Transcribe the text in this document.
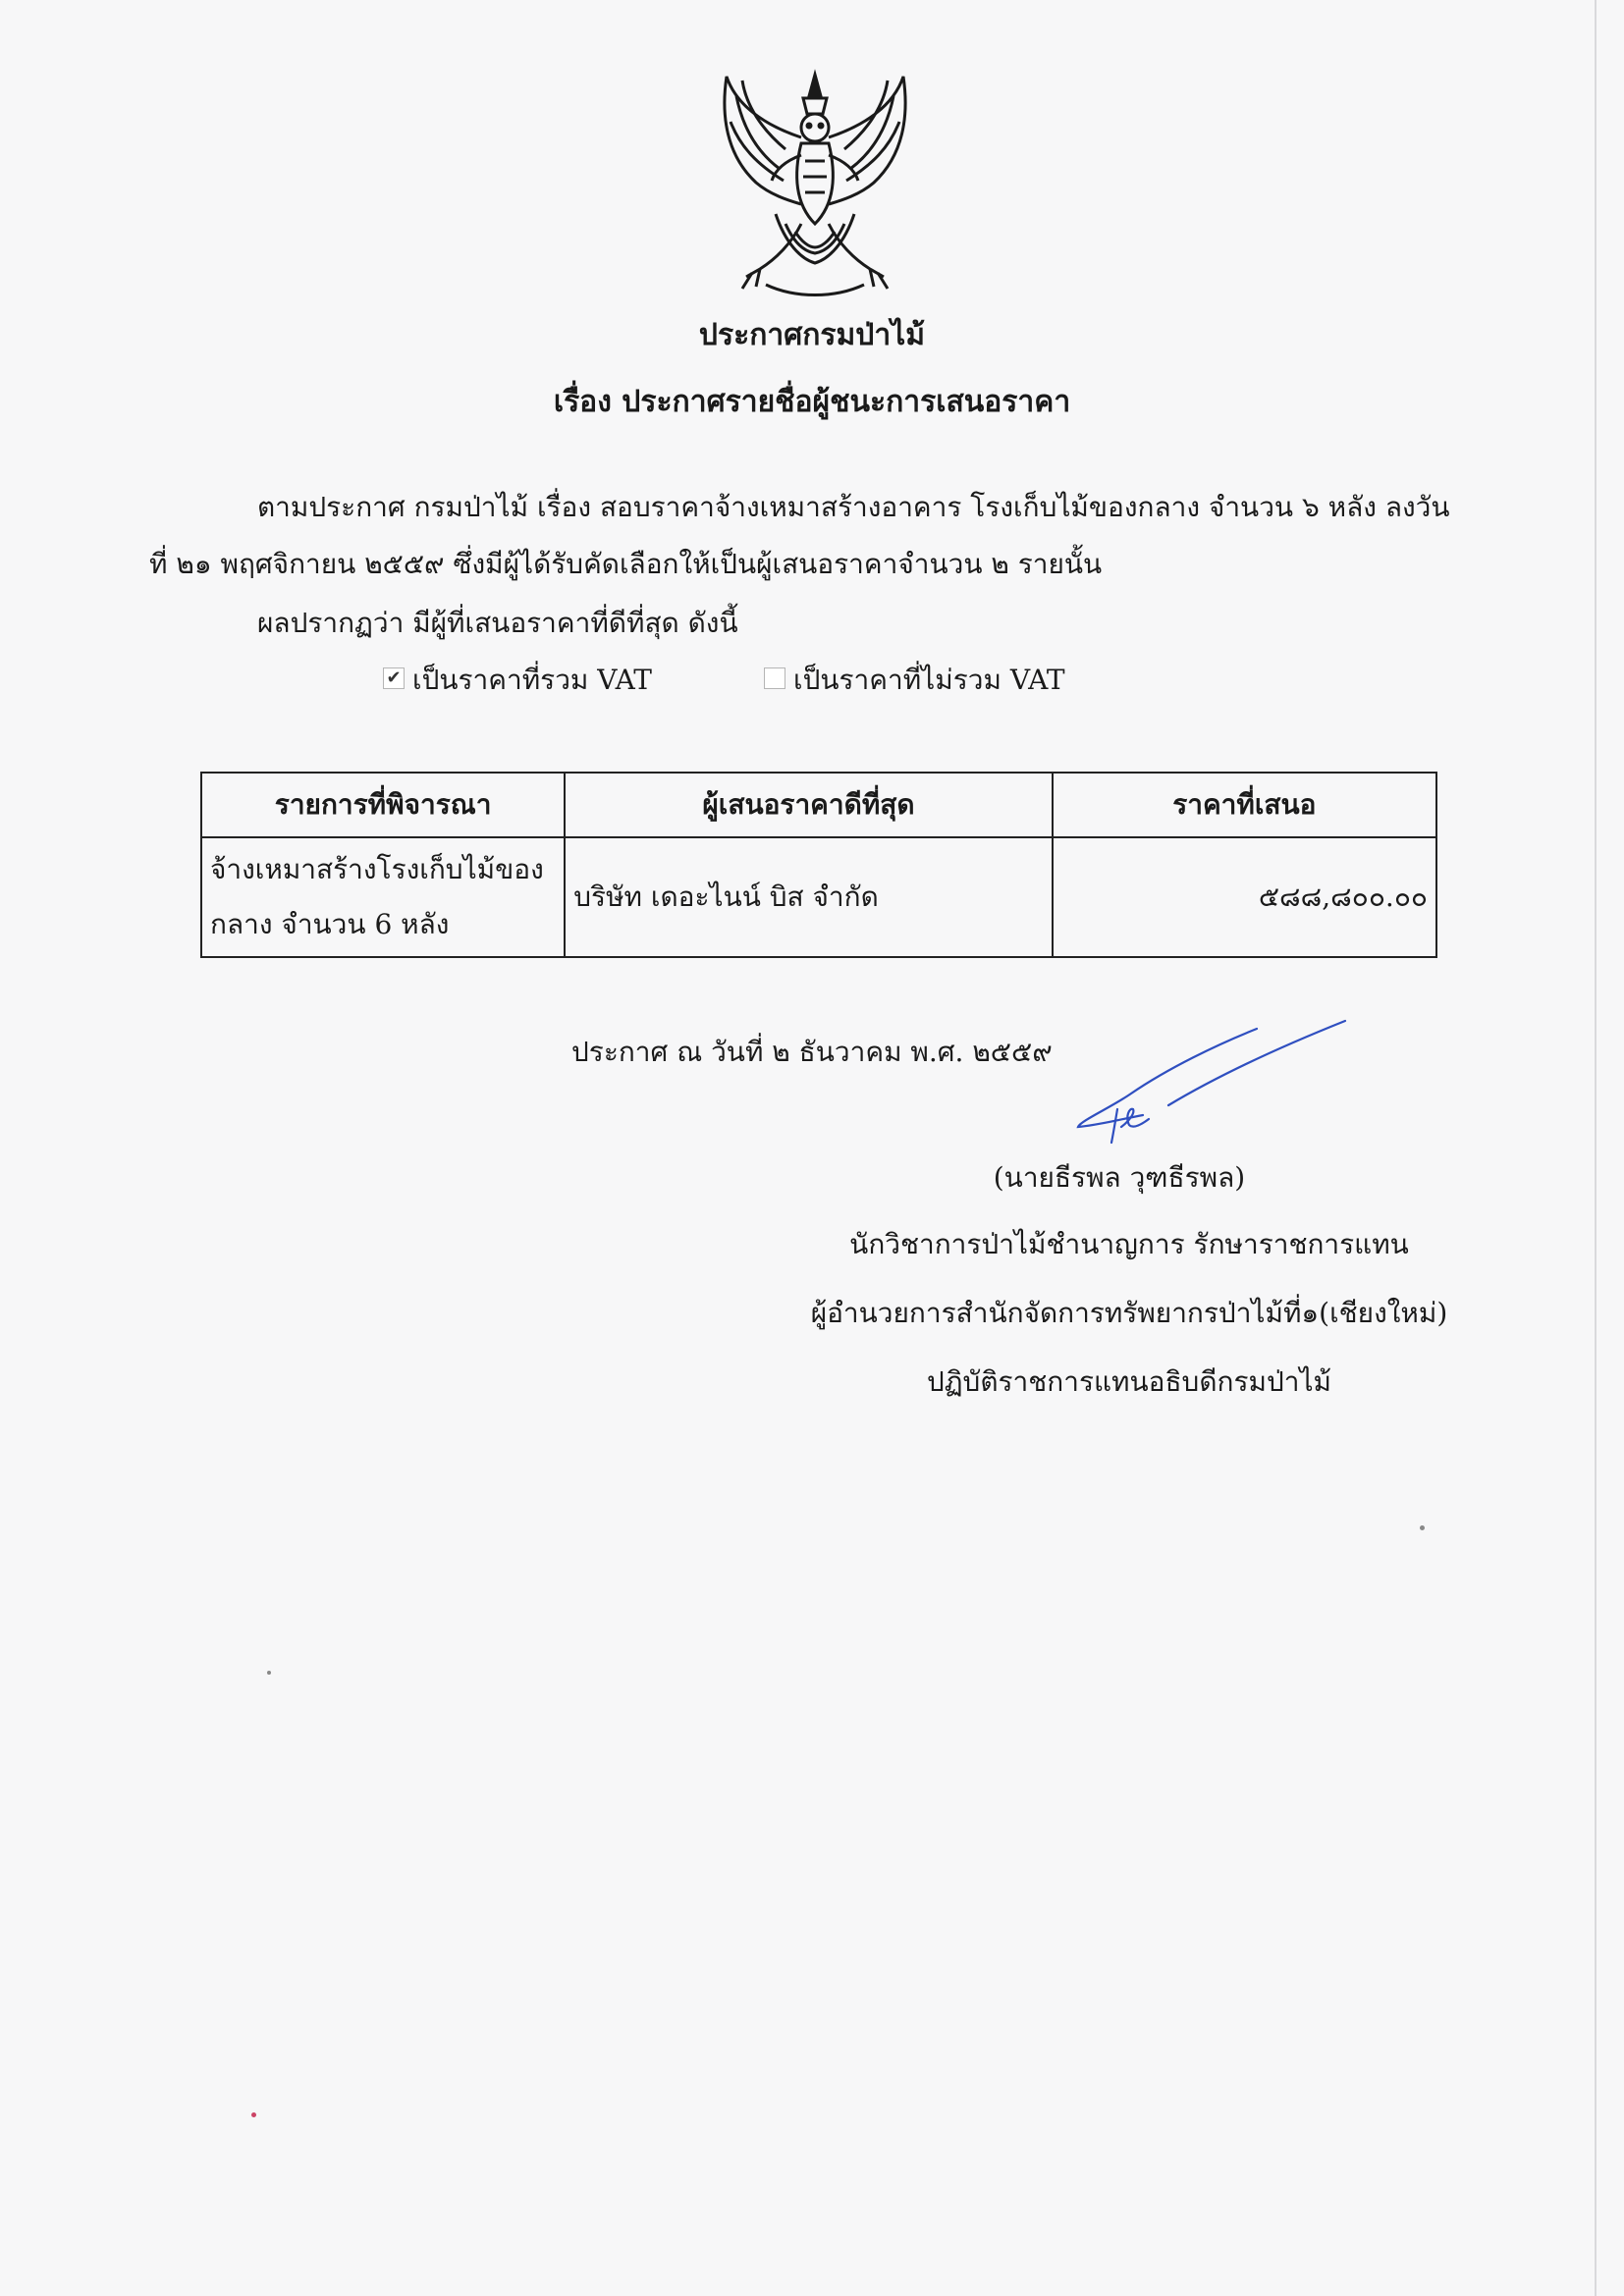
ประกาศกรมป่าไม้
เรื่อง ประกาศรายชื่อผู้ชนะการเสนอราคา
ตามประกาศ กรมป่าไม้ เรื่อง สอบราคาจ้างเหมาสร้างอาคาร โรงเก็บไม้ของกลาง จำนวน ๖ หลัง ลงวัน
ที่ ๒๑ พฤศจิกายน ๒๕๕๙ ซึ่งมีผู้ได้รับคัดเลือกให้เป็นผู้เสนอราคาจำนวน ๒ รายนั้น
ผลปรากฏว่า มีผู้ที่เสนอราคาที่ดีที่สุด ดังนี้
✔ เป็นราคาที่รวม VAT	เป็นราคาที่ไม่รวม VAT
รายการที่พิจารณา	ผู้เสนอราคาดีที่สุด	ราคาที่เสนอ

จ้างเหมาสร้างโรงเก็บไม้ของ
กลาง จำนวน 6 หลัง	บริษัท เดอะไนน์ บิส จำกัด	๕๘๘,๘๐๐.๐๐
ประกาศ ณ วันที่ ๒ ธันวาคม พ.ศ. ๒๕๕๙
(นายธีรพล วุฑธีรพล)
นักวิชาการป่าไม้ชำนาญการ รักษาราชการแทน
ผู้อำนวยการสำนักจัดการทรัพยากรป่าไม้ที่๑(เชียงใหม่)
ปฏิบัติราชการแทนอธิบดีกรมป่าไม้
